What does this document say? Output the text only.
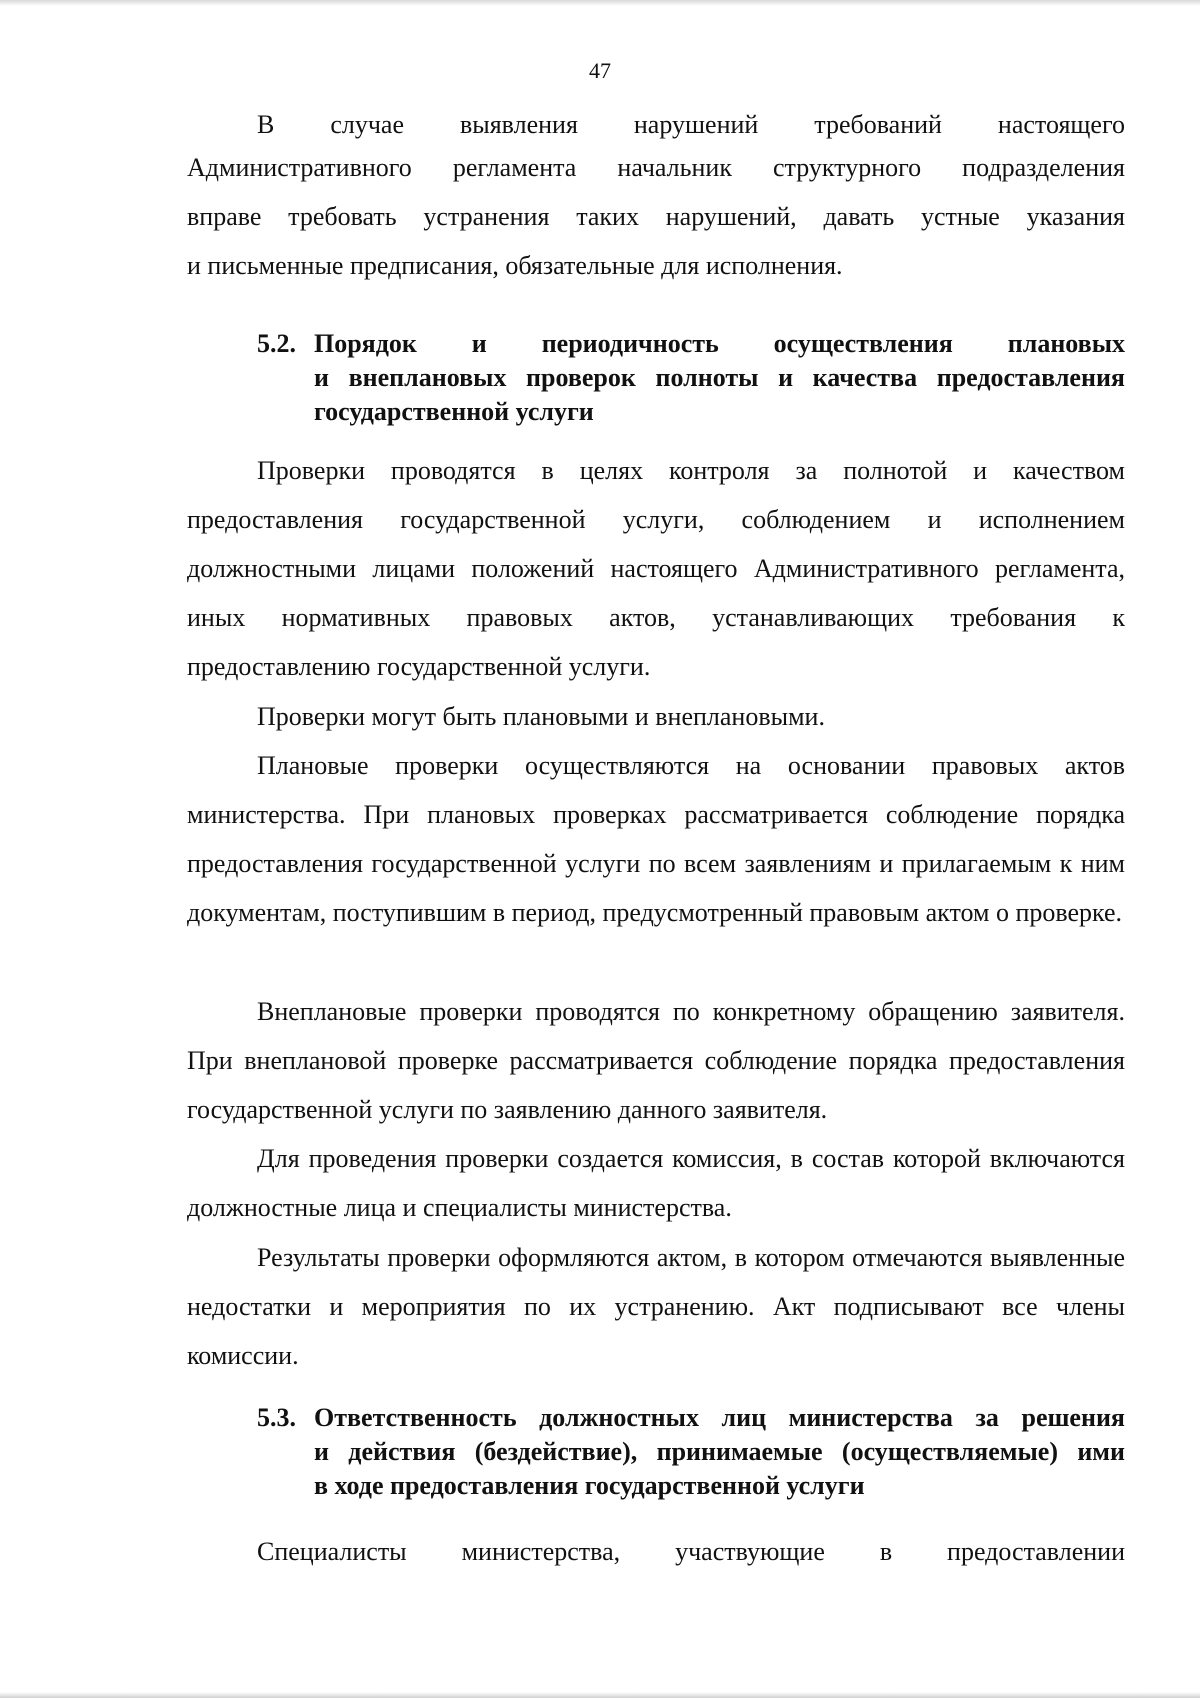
47
В случае выявления нарушений требований настоящего
Административного регламента начальник структурного подразделения
вправе требовать устранения таких нарушений, давать устные указания
и письменные предписания, обязательные для исполнения.
5.2. Порядок и периодичность осуществления плановых
и внеплановых проверок полноты и качества предоставления
государственной услуги

Проверки проводятся в целях контроля за полнотой и качеством предоставления государственной услуги, соблюдением и исполнением должностными лицами положений настоящего Административного регламента, иных нормативных правовых актов, устанавливающих требования к предоставлению государственной услуги.

Проверки могут быть плановыми и внеплановыми.

Плановые проверки осуществляются на основании правовых актов министерства. При плановых проверках рассматривается соблюдение порядка предоставления государственной услуги по всем заявлениям и прилагаемым к ним документам, поступившим в период, предусмотренный правовым актом о проверке.

Внеплановые проверки проводятся по конкретному обращению заявителя. При внеплановой проверке рассматривается соблюдение порядка предоставления государственной услуги по заявлению данного заявителя.

Для проведения проверки создается комиссия, в состав которой включаются должностные лица и специалисты министерства.

Результаты проверки оформляются актом, в котором отмечаются выявленные недостатки и мероприятия по их устранению. Акт подписывают все члены комиссии.

5.3. Ответственность должностных лиц министерства за решения
и действия (бездействие), принимаемые (осуществляемые) ими
в ходе предоставления государственной услуги
Специалисты министерства, участвующие в предоставлении
